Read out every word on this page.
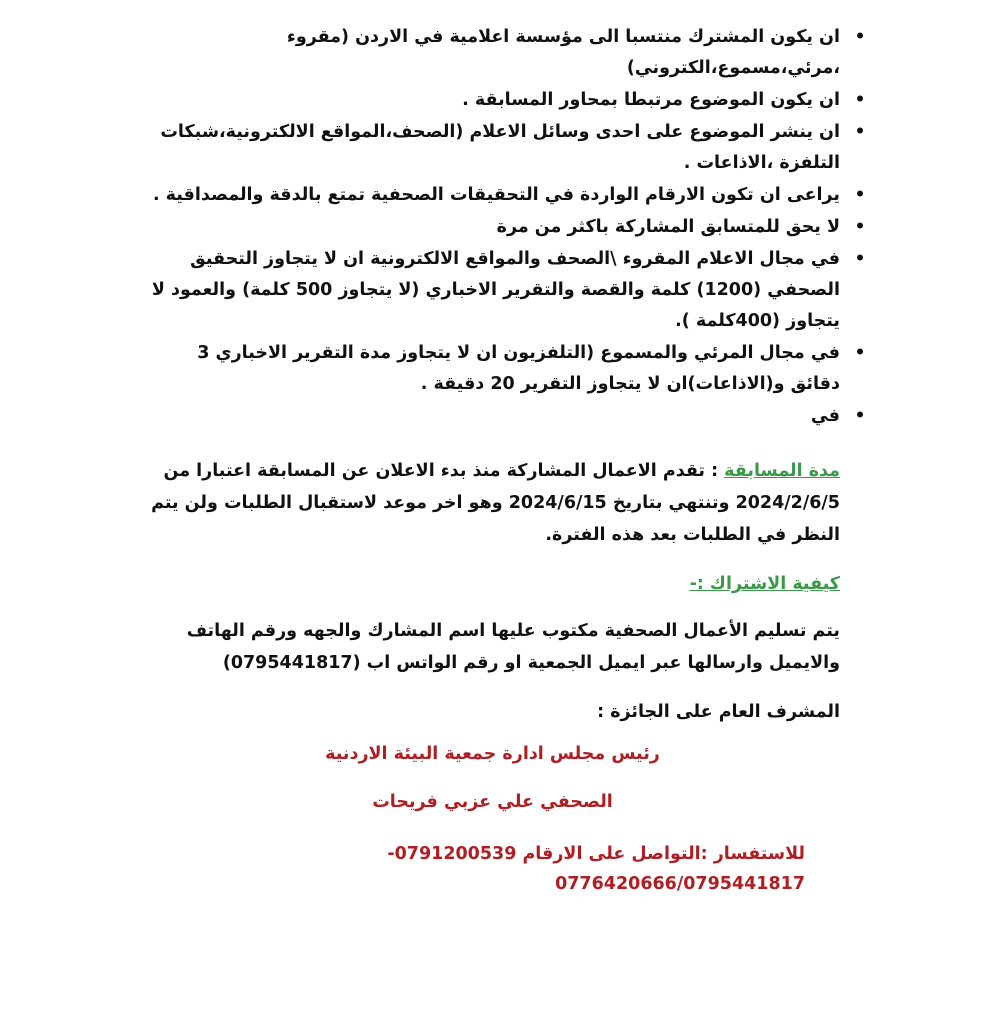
•
ان يكون المشترك منتسبا الى مؤسسة اعلامية في الاردن (مقروء ،مرئي،مسموع،الكتروني)
•
ان يكون الموضوع مرتبطا بمحاور المسابقة .
•
ان ينشر الموضوع على احدى وسائل الاعلام (الصحف،المواقع الالكترونية،شبكات التلفزة ،الاذاعات .
•
يراعى ان تكون الارقام الواردة في التحقيقات الصحفية تمتع بالدقة والمصداقية .
•
لا يحق للمتسابق المشاركة باكثر من مرة
•
في مجال الاعلام المقروء \الصحف والمواقع الالكترونية ان لا يتجاوز التحقيق الصحفي (1200) كلمة والقصة والتقرير الاخباري (لا يتجاوز 500 كلمة) والعمود لا يتجاوز (400كلمة ).
•
في مجال المرئي والمسموع (التلفزيون ان لا يتجاوز مدة التقرير الاخباري 3 دقائق و(الاذاعات)ان لا يتجاوز التقرير 20 دقيقة .
•
في
مدة المسابقة : تقدم الاعمال المشاركة منذ بدء الاعلان عن المسابقة اعتبارا من 2024/2/6/5 وتنتهي بتاريخ 2024/6/15 وهو اخر موعد لاستقبال الطلبات ولن يتم النظر في الطلبات بعد هذه الفترة.
كيفية الاشتراك :-
يتم تسليم الأعمال الصحفية مكتوب عليها اسم المشارك والجهه ورقم الهاتف والايميل وارسالها عبر ايميل الجمعية او رقم الواتس اب (0795441817)
المشرف العام على الجائزة :
رئيس مجلس ادارة جمعية البيئة الاردنية
الصحفي علي عزبي فريحات
للاستفسار :التواصل على الارقام 0791200539-0776420666/0795441817
